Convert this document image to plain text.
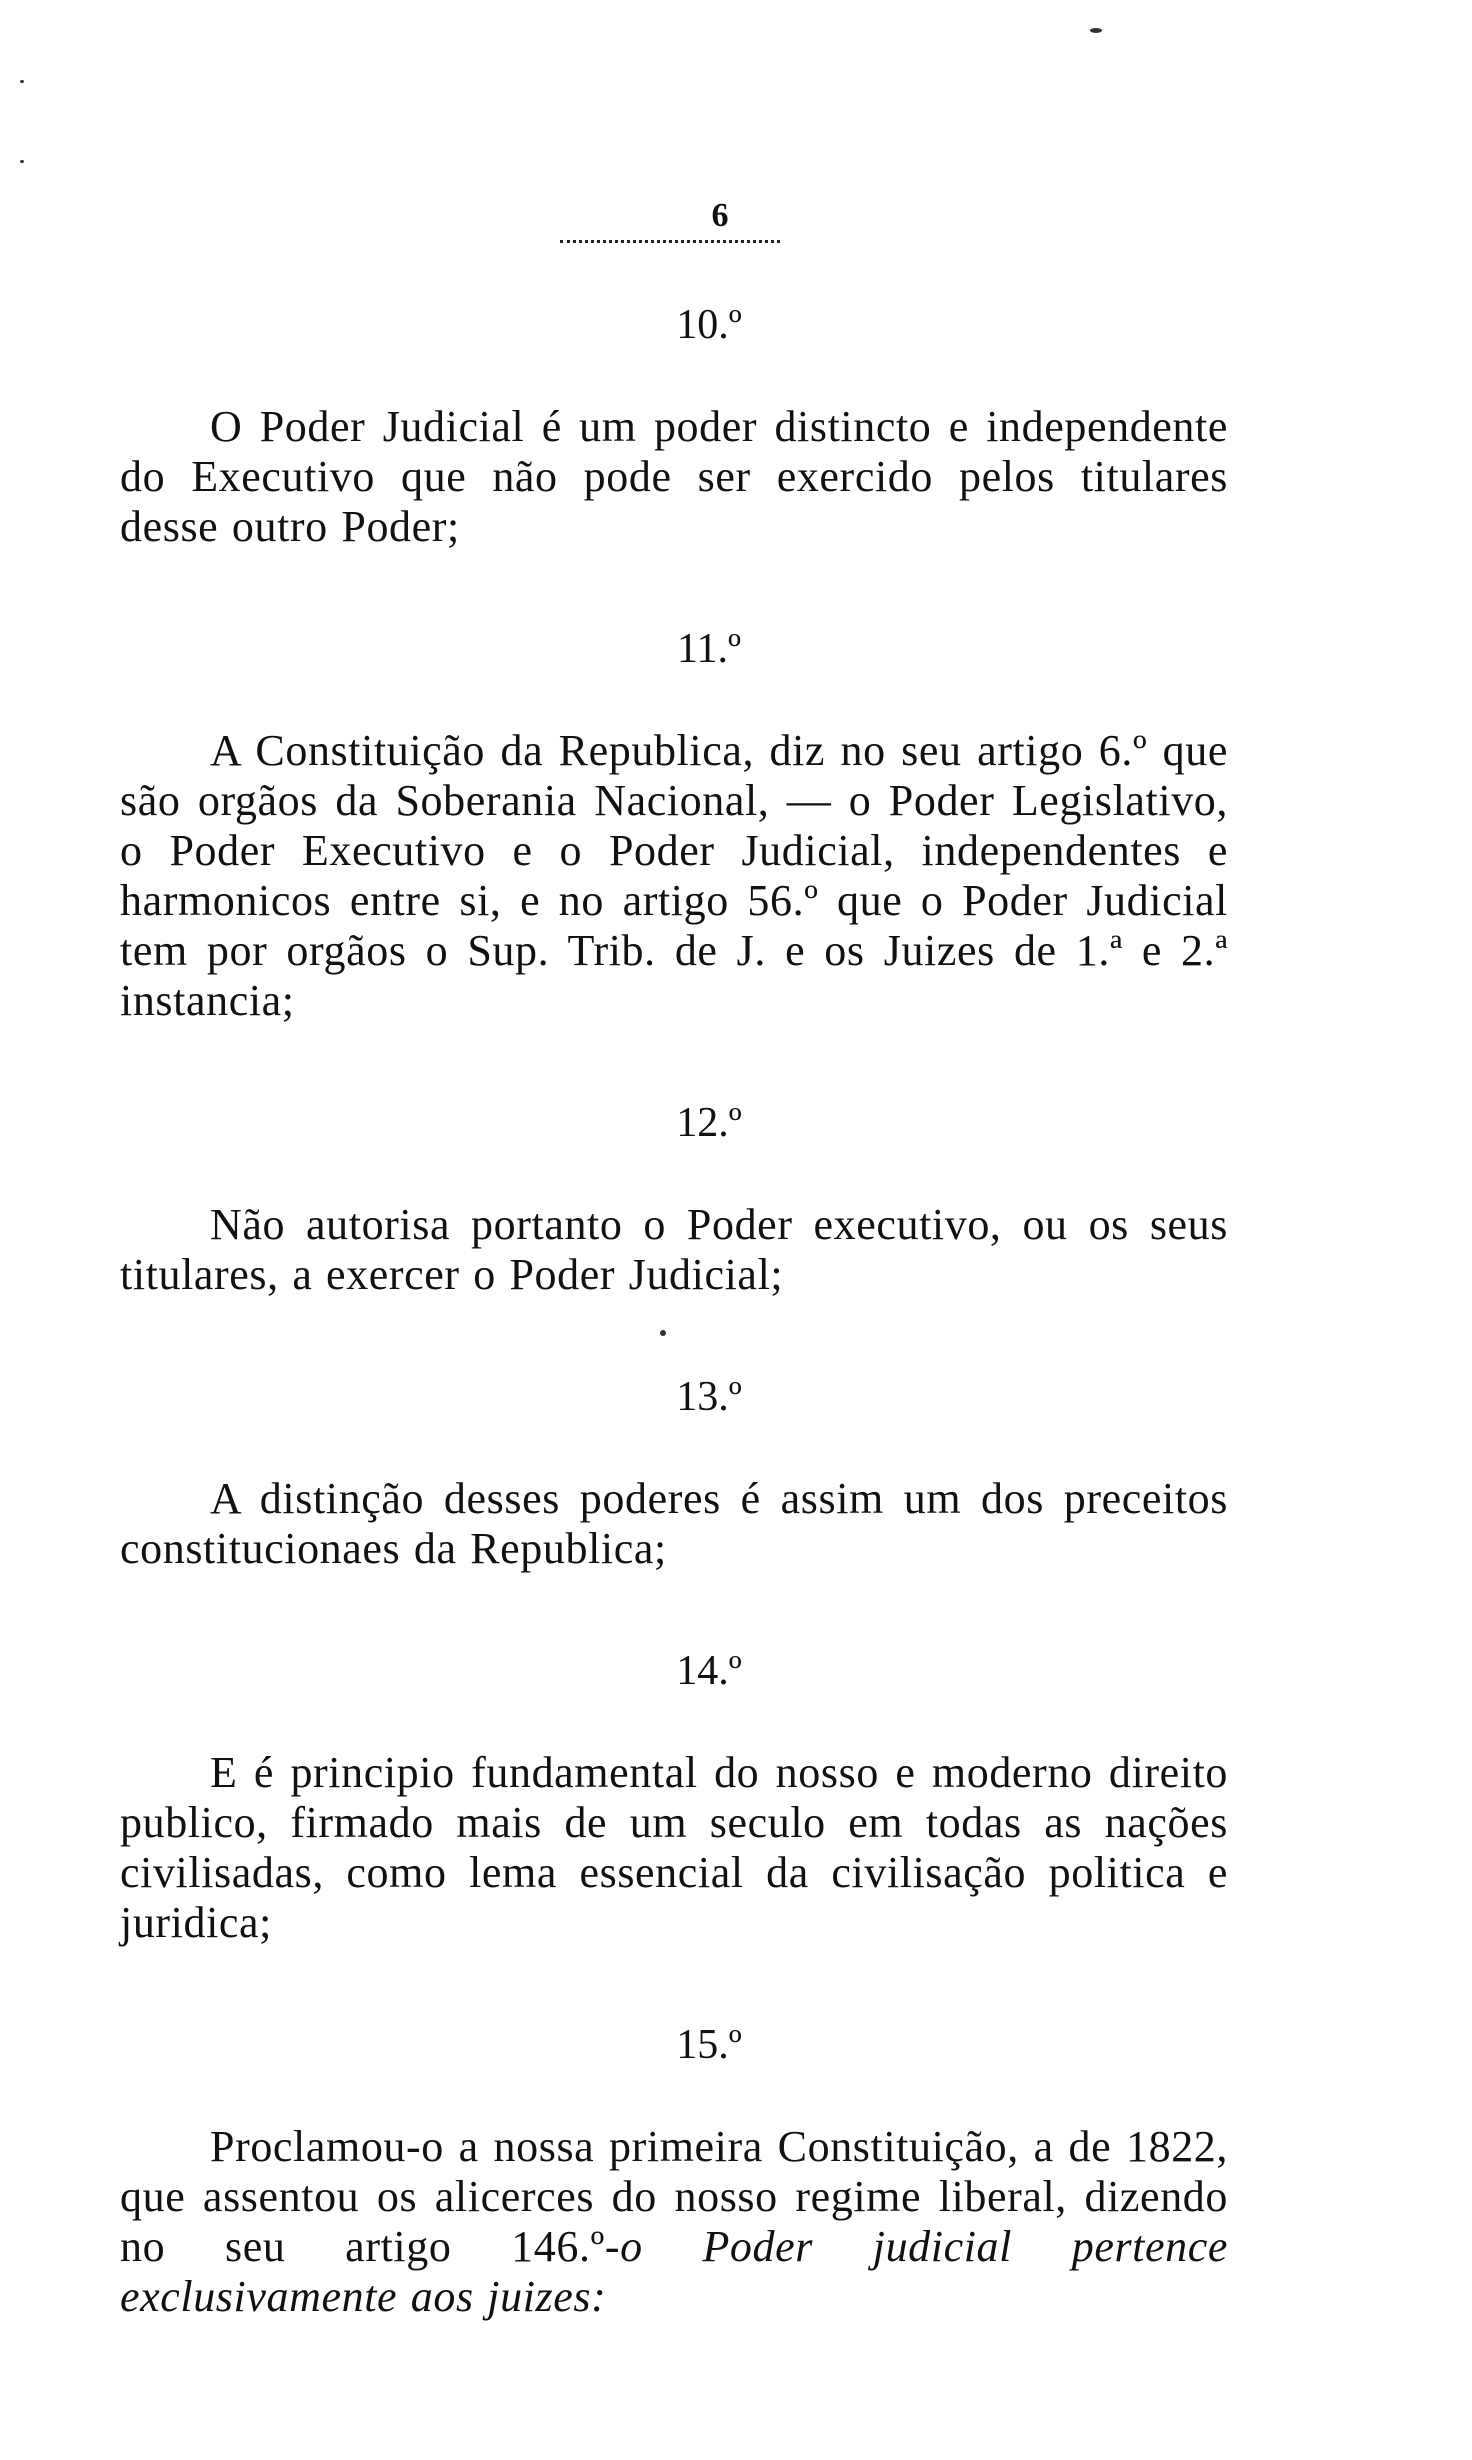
6
10.º

O Poder Judicial é um poder distincto e independente do Executivo que não pode ser exercido pelos titulares desse outro Poder;

11.º

A Constituição da Republica, diz no seu artigo 6.º que são orgãos da Soberania Nacional, — o Poder Legislativo, o Poder Executivo e o Poder Judicial, independentes e harmonicos entre si, e no artigo 56.º que o Poder Judicial tem por orgãos o Sup. Trib. de J. e os Juizes de 1.ª e 2.ª instancia;

12.º

Não autorisa portanto o Poder executivo, ou os seus titulares, a exercer o Poder Judicial;

13.º

A distinção desses poderes é assim um dos preceitos constitucionaes da Republica;

14.º

E é principio fundamental do nosso e moderno direito publico, firmado mais de um seculo em todas as nações civilisadas, como lema essencial da civilisação politica e juridica;

15.º

Proclamou-o a nossa primeira Constituição, a de 1822, que assentou os alicerces do nosso regime liberal, dizendo no seu artigo 146.º-o Poder judicial pertence exclusivamente aos juizes:
